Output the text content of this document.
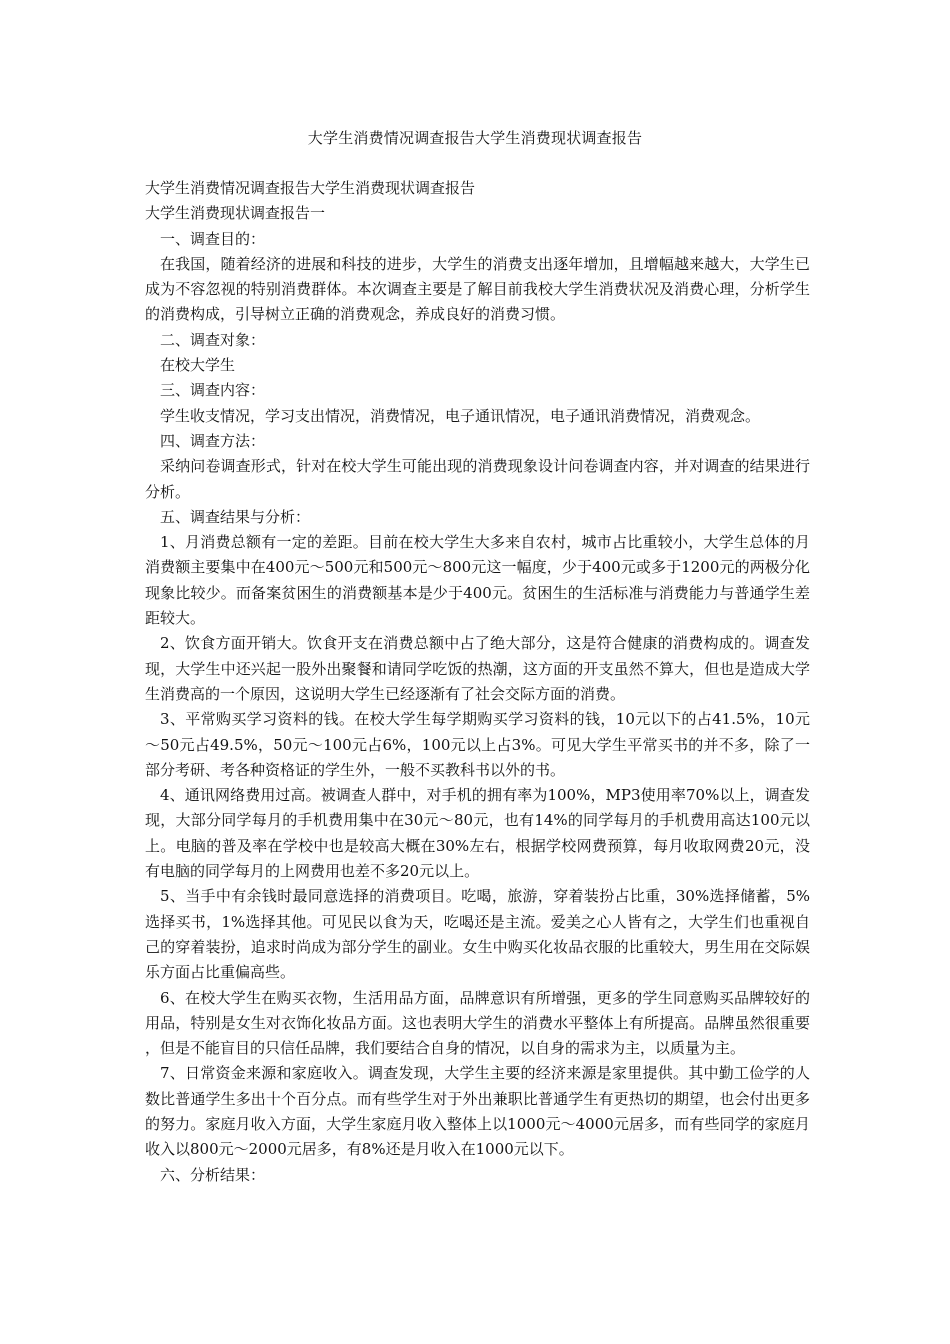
大学生消费情况调查报告大学生消费现状调查报告

大学生消费情况调查报告大学生消费现状调查报告

大学生消费现状调查报告一

一、调查目的：

在我国，随着经济的进展和科技的进步，大学生的消费支出逐年增加，且增幅越来越大，大学生已成为不容忽视的特别消费群体。本次调查主要是了解目前我校大学生消费状况及消费心理，分析学生的消费构成，引导树立正确的消费观念，养成良好的消费习惯。

二、调查对象：

在校大学生

三、调查内容：

学生收支情况，学习支出情况，消费情况，电子通讯情况，电子通讯消费情况，消费观念。

四、调查方法：

采纳问卷调查形式，针对在校大学生可能出现的消费现象设计问卷调查内容，并对调查的结果进行分析。

五、调查结果与分析：

1、月消费总额有一定的差距。目前在校大学生大多来自农村，城市占比重较小，大学生总体的月消费额主要集中在400元～500元和500元～800元这一幅度，少于400元或多于1200元的两极分化现象比较少。而备案贫困生的消费额基本是少于400元。贫困生的生活标准与消费能力与普通学生差距较大。

2、饮食方面开销大。饮食开支在消费总额中占了绝大部分，这是符合健康的消费构成的。调查发现，大学生中还兴起一股外出聚餐和请同学吃饭的热潮，这方面的开支虽然不算大，但也是造成大学生消费高的一个原因，这说明大学生已经逐渐有了社会交际方面的消费。

3、平常购买学习资料的钱。在校大学生每学期购买学习资料的钱，10元以下的占41.5%，10元～50元占49.5%，50元～100元占6%，100元以上占3%。可见大学生平常买书的并不多，除了一部分考研、考各种资格证的学生外，一般不买教科书以外的书。

4、通讯网络费用过高。被调查人群中，对手机的拥有率为100%，MP3使用率70%以上，调查发现，大部分同学每月的手机费用集中在30元～80元，也有14%的同学每月的手机费用高达100元以上。电脑的普及率在学校中也是较高大概在30%左右，根据学校网费预算，每月收取网费20元，没有电脑的同学每月的上网费用也差不多20元以上。

5、当手中有余钱时最同意选择的消费项目。吃喝，旅游，穿着装扮占比重，30%选择储蓄，5%选择买书，1%选择其他。可见民以食为天，吃喝还是主流。爱美之心人皆有之，大学生们也重视自己的穿着装扮，追求时尚成为部分学生的副业。女生中购买化妆品衣服的比重较大，男生用在交际娱乐方面占比重偏高些。

6、在校大学生在购买衣物，生活用品方面，品牌意识有所增强，更多的学生同意购买品牌较好的用品，特别是女生对衣饰化妆品方面。这也表明大学生的消费水平整体上有所提高。品牌虽然很重要，但是不能盲目的只信任品牌，我们要结合自身的情况，以自身的需求为主，以质量为主。

7、日常资金来源和家庭收入。调查发现，大学生主要的经济来源是家里提供。其中勤工俭学的人数比普通学生多出十个百分点。而有些学生对于外出兼职比普通学生有更热切的期望，也会付出更多的努力。家庭月收入方面，大学生家庭月收入整体上以1000元～4000元居多，而有些同学的家庭月收入以800元～2000元居多，有8%还是月收入在1000元以下。

六、分析结果：
